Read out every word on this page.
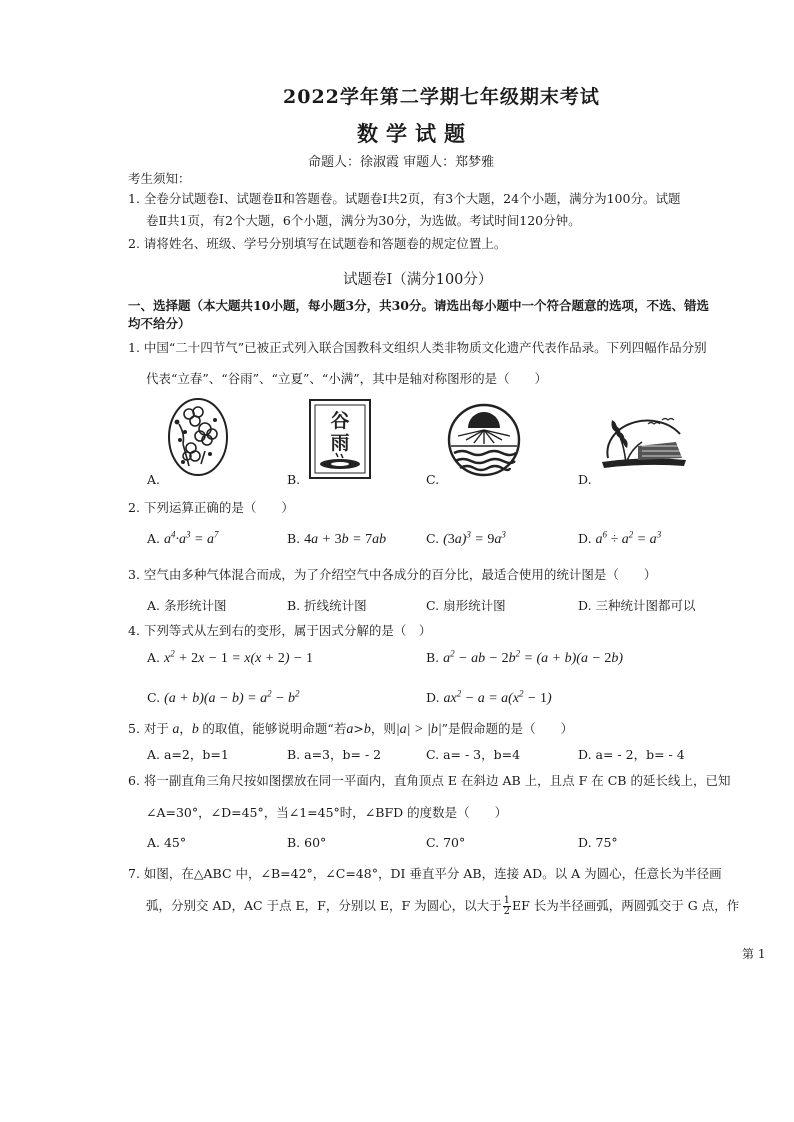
2022学年第二学期七年级期末考试
数学试题
命题人：徐淑霞 审题人：郑梦雅
考生须知：
1. 全卷分试题卷Ⅰ、试题卷Ⅱ和答题卷。试题卷Ⅰ共2页，有3个大题，24个小题，满分为100分。试题
卷Ⅱ共1页，有2个大题，6个小题，满分为30分，为选做。考试时间120分钟。
2. 请将姓名、班级、学号分别填写在试题卷和答题卷的规定位置上。
试题卷Ⅰ（满分100分）
一、选择题（本大题共10小题，每小题3分，共30分。请选出每小题中一个符合题意的选项，不选、错选
均不给分）
1. 中国“二十四节气”已被正式列入联合国教科文组织人类非物质文化遗产代表作品录。下列四幅作品分别
代表“立春”、“谷雨”、“立夏”、“小满”，其中是轴对称图形的是（　　）
A.
谷
雨
B.	C.	D.
2. 下列运算正确的是（　　）
A. $a^4\cdot a^3 = a^7$	B. 4a + 3b = 7ab	C. $(3a)^3 = 9a^3$	D. $a^6 \div a^2 = a^3$
3. 空气由多种气体混合而成，为了介绍空气中各成分的百分比，最适合使用的统计图是（　　）
A. 条形统计图	B. 折线统计图	C. 扇形统计图	D. 三种统计图都可以
4. 下列等式从左到右的变形，属于因式分解的是（　）
A. $x^2 + 2x - 1 = x(x + 2) - 1$	B. $a^2$ − ab − $2b^2 = (a + b)(a - 2b)$
C. $(a + b)(a - b) = a^2 - b^2$	D. $ax^2 - a = a(x^2 - 1)$
5. 对于 a，b 的取值，能够说明命题“若a>b，则|a| > |b|”是假命题的是（　　）
A. a=2，b=1	B. a=3，b= - 2	C. a= - 3，b=4	D. a= - 2，b= - 4
6. 将一副直角三角尺按如图摆放在同一平面内，直角顶点 E 在斜边 AB 上，且点 F 在 CB 的延长线上，已知
∠A=30°，∠D=45°，当∠1=45°时，∠BFD 的度数是（　　）
A. 45°	B. 60°	C. 70°	D. 75°
7. 如图，在△ABC 中，∠B=42°，∠C=48°，DI 垂直平分 AB，连接 AD。以 A 为圆心，任意长为半径画
弧，分别交 AD，AC 于点 E，F，分别以 E，F 为圆心，以大于 $\frac{1}{2}$ EF 长为半径画弧，两圆弧交于 G 点，作
第 1
